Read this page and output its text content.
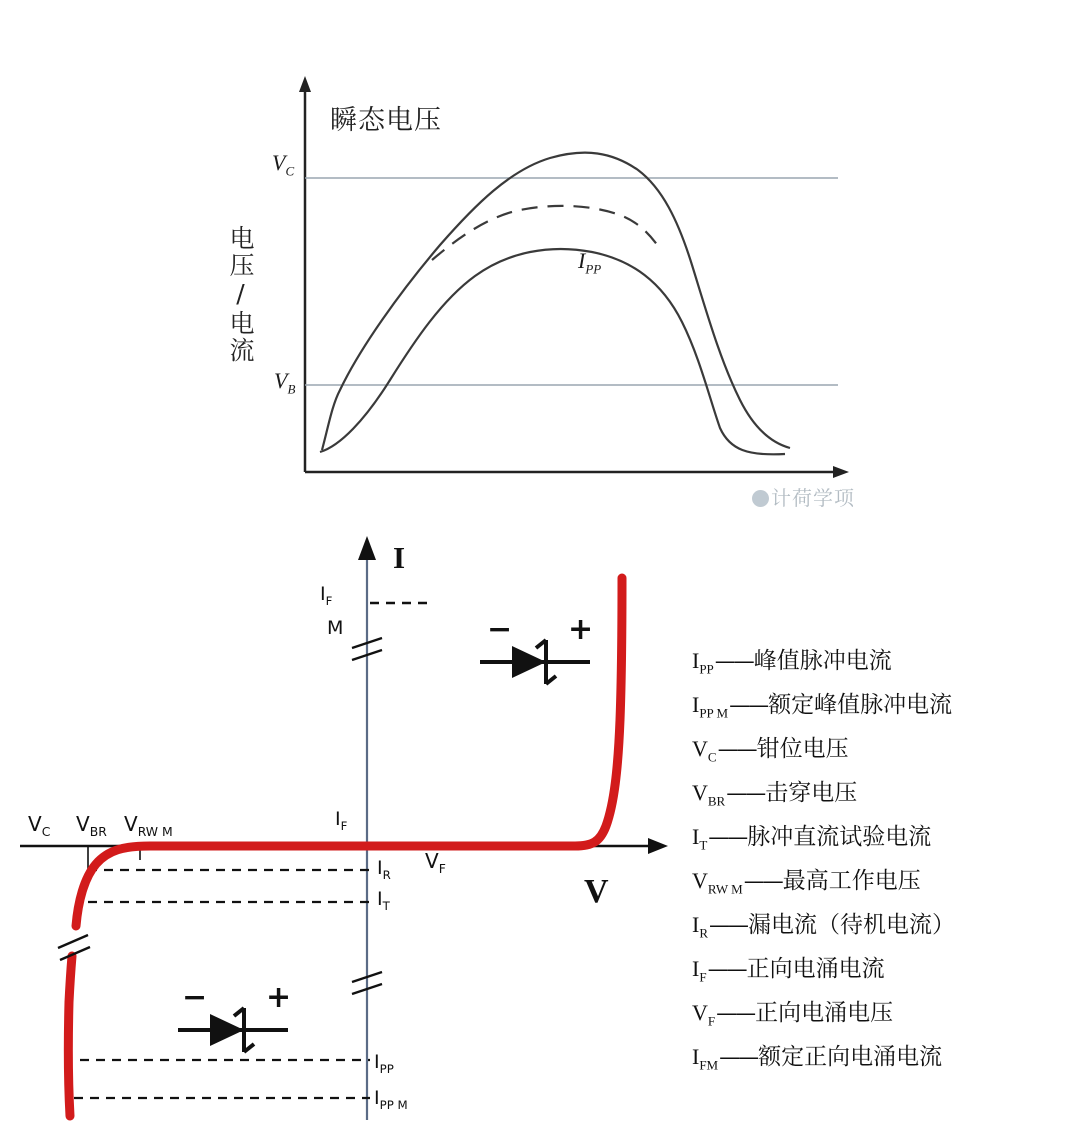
瞬态电压
电压/电流
$V_C$
$V_B$
$I_{PP}$
计荷学项
I
V
$I_F$
M
$I_F$
$I_R$
$I_T$
$V_F$
$V_C$ $V_{BR}$ $V_{RW M}$
$I_{PP}$
$I_{PP M}$
− +
− +
$I_{PP}$ —— 峰值脉冲电流
$I_{PP M}$ —— 额定峰值脉冲电流
$V_C$ —— 钳位电压
$V_{BR}$ —— 击穿电压
$I_T$ —— 脉冲直流试验电流
$V_{RW M}$ —— 最高工作电压
$I_R$ —— 漏电流（待机电流）
$I_F$ —— 正向电涌电流
$V_F$ —— 正向电涌电压
$I_{FM}$ —— 额定正向电涌电流
